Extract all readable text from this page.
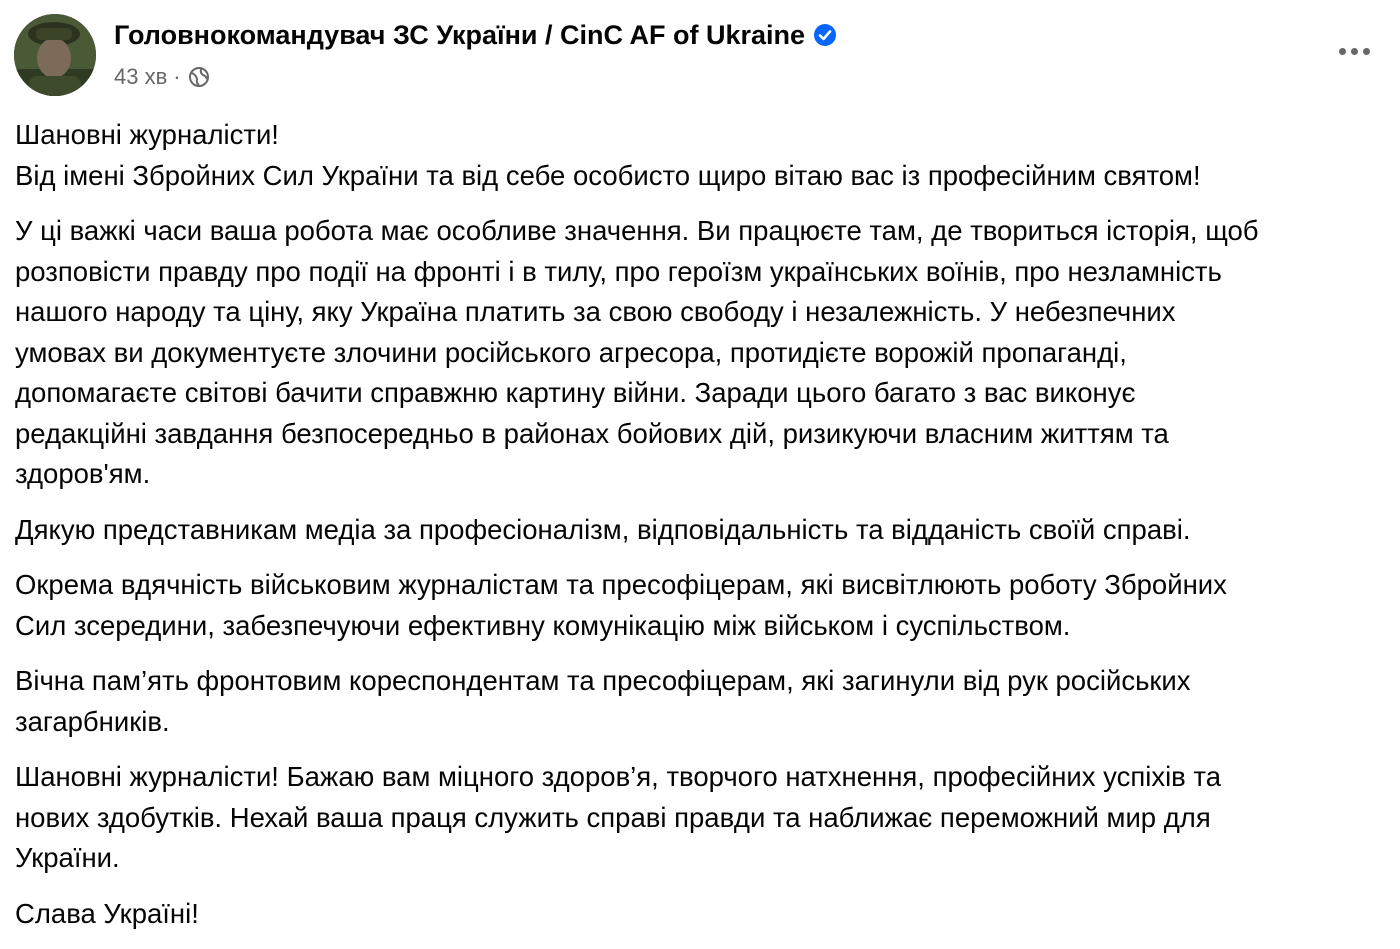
Головнокомандувач ЗС України / CinC AF of Ukraine
43 хв ·

Шановні журналісти!
Від імені Збройних Сил України та від себе особисто щиро вітаю вас із професійним святом!

У ці важкі часи ваша робота має особливе значення. Ви працюєте там, де твориться історія, щоб
розповісти правду про події на фронті і в тилу, про героїзм українських воїнів, про незламність
нашого народу та ціну, яку Україна платить за свою свободу і незалежність. У небезпечних
умовах ви документуєте злочини російського агресора, протидієте ворожій пропаганді,
допомагаєте світові бачити справжню картину війни. Заради цього багато з вас виконує
редакційні завдання безпосередньо в районах бойових дій, ризикуючи власним життям та
здоров'ям.

Дякую представникам медіа за професіоналізм, відповідальність та відданість своїй справі.

Окрема вдячність військовим журналістам та пресофіцерам, які висвітлюють роботу Збройних
Сил зсередини, забезпечуючи ефективну комунікацію між військом і суспільством.

Вічна пам’ять фронтовим кореспондентам та пресофіцерам, які загинули від рук російських
загарбників.

Шановні журналісти! Бажаю вам міцного здоров’я, творчого натхнення, професійних успіхів та
нових здобутків. Нехай ваша праця служить справі правди та наближає переможний мир для
України.

Слава Україні!
